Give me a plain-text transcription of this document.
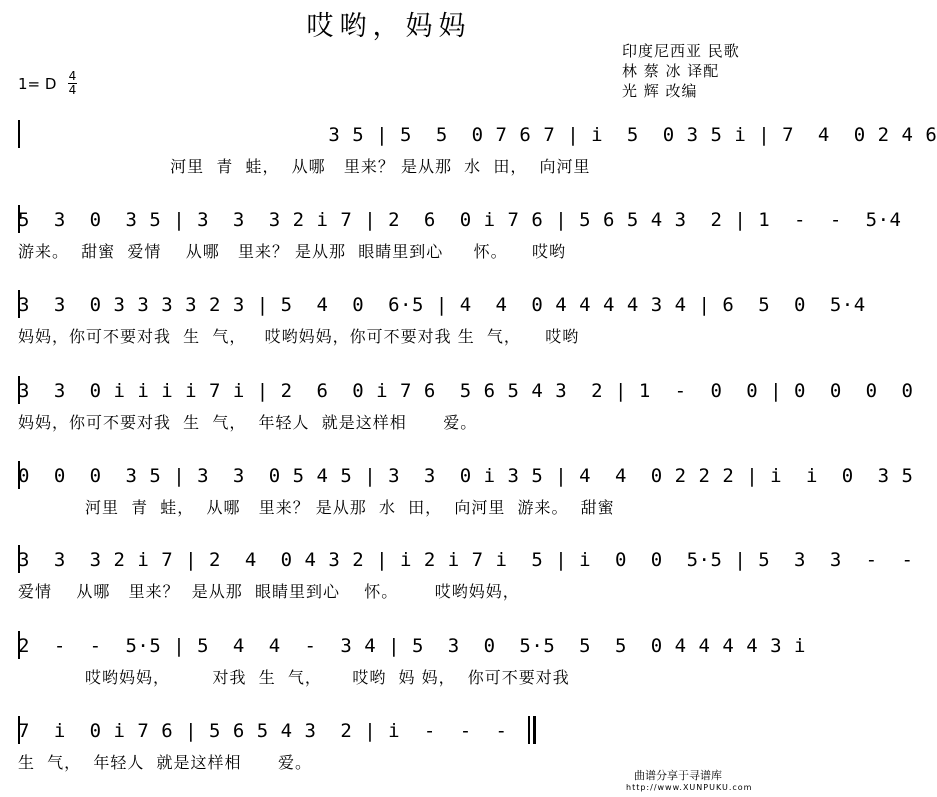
哎哟，妈妈
印度尼西亚 民歌
林 蔡 冰 译配
光 辉 改编
1= D 4
4
3 5 | 5  5  0 7 6 7 | i  5  0 3 5 i | 7  4  0 2 4 6
河里  青  蛙，  从哪   里来？ 是从那  水  田，  向河里
5  3  0  3 5 | 3  3  3 2 i 7 | 2  6  0 i 7 6 | 5 6 5 4 3  2 | 1  -  -  5·4
游来。  甜蜜  爱情    从哪   里来？ 是从那  眼睛里到心     怀。    哎哟
3  3  0 3 3 3 3 2 3 | 5  4  0  6·5 | 4  4  0 4 4 4 4 3 4 | 6  5  0  5·4
妈妈，你可不要对我  生  气，   哎哟妈妈，你可不要对我 生  气，    哎哟
3  3  0 i i i i 7 i | 2  6  0 i 7 6  5 6 5 4 3  2 | 1  -  0  0 | 0  0  0  0
妈妈，你可不要对我  生  气，  年轻人  就是这样相      爱。
0  0  0  3 5 | 3  3  0 5 4 5 | 3  3  0 i 3 5 | 4  4  0 2 2 2 | i  i  0  3 5
河里  青  蛙，  从哪   里来？ 是从那  水  田，  向河里  游来。  甜蜜
3  3  3 2 i 7 | 2  4  0 4 3 2 | i 2 i 7 i  5 | i  0  0  5·5 | 5  3  3  -  -
爱情    从哪   里来？  是从那  眼睛里到心    怀。      哎哟妈妈，
2  -  -  5·5 | 5  4  4  -  3 4 | 5  3  0  5·5  5  5  0 4 4 4 4 3 i
哎哟妈妈，       对我  生  气，     哎哟  妈 妈，  你可不要对我
7  i  0 i 7 6 | 5 6 5 4 3  2 | i  -  -  -
生  气，  年轻人  就是这样相      爱。
曲谱分享于寻谱库
http://www.XUNPUKU.com
